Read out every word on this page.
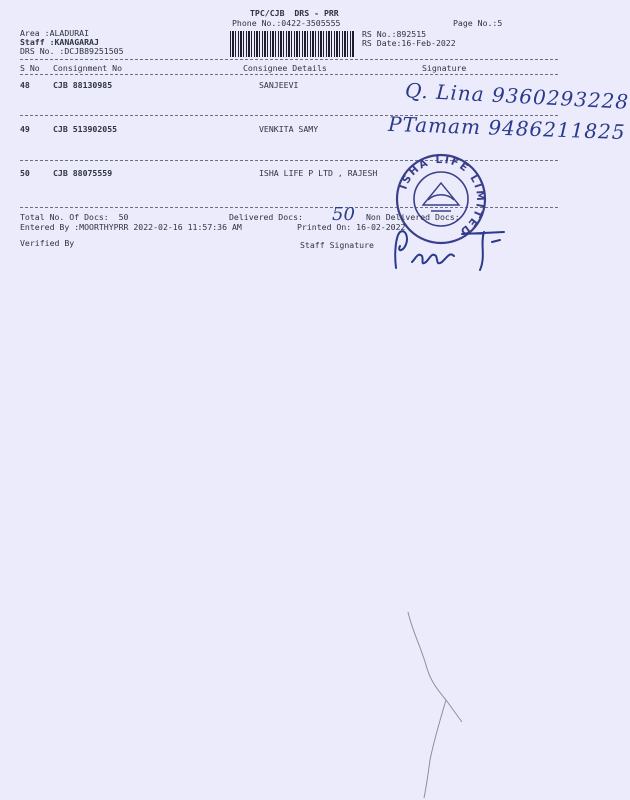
TPC/CJB  DRS - PRR
Phone No.:0422-3505555	Page No.:5
Area :ALADURAI
Staff :KANAGARAJ
DRS No. :DCJB89251505
RS No.:892515
RS Date:16-Feb-2022
S No Consignment No	Consignee Details	Signature
48	CJB 88130985	SANJEEVI	Q. Lina 9360293228
49	CJB 513902055	VENKITA SAMY	PTamam 9486211825
50	CJB 88075559	ISHA LIFE P LTD , RAJESH
ISHA LIFE LIMITED
Total No. Of Docs:  50	Delivered Docs: 50 Non Delivered Docs:
Entered By :MOORTHYPRR 2022-02-16 11:57:36 AM	Printed On: 16-02-2022
Verified By	Staff Signature
